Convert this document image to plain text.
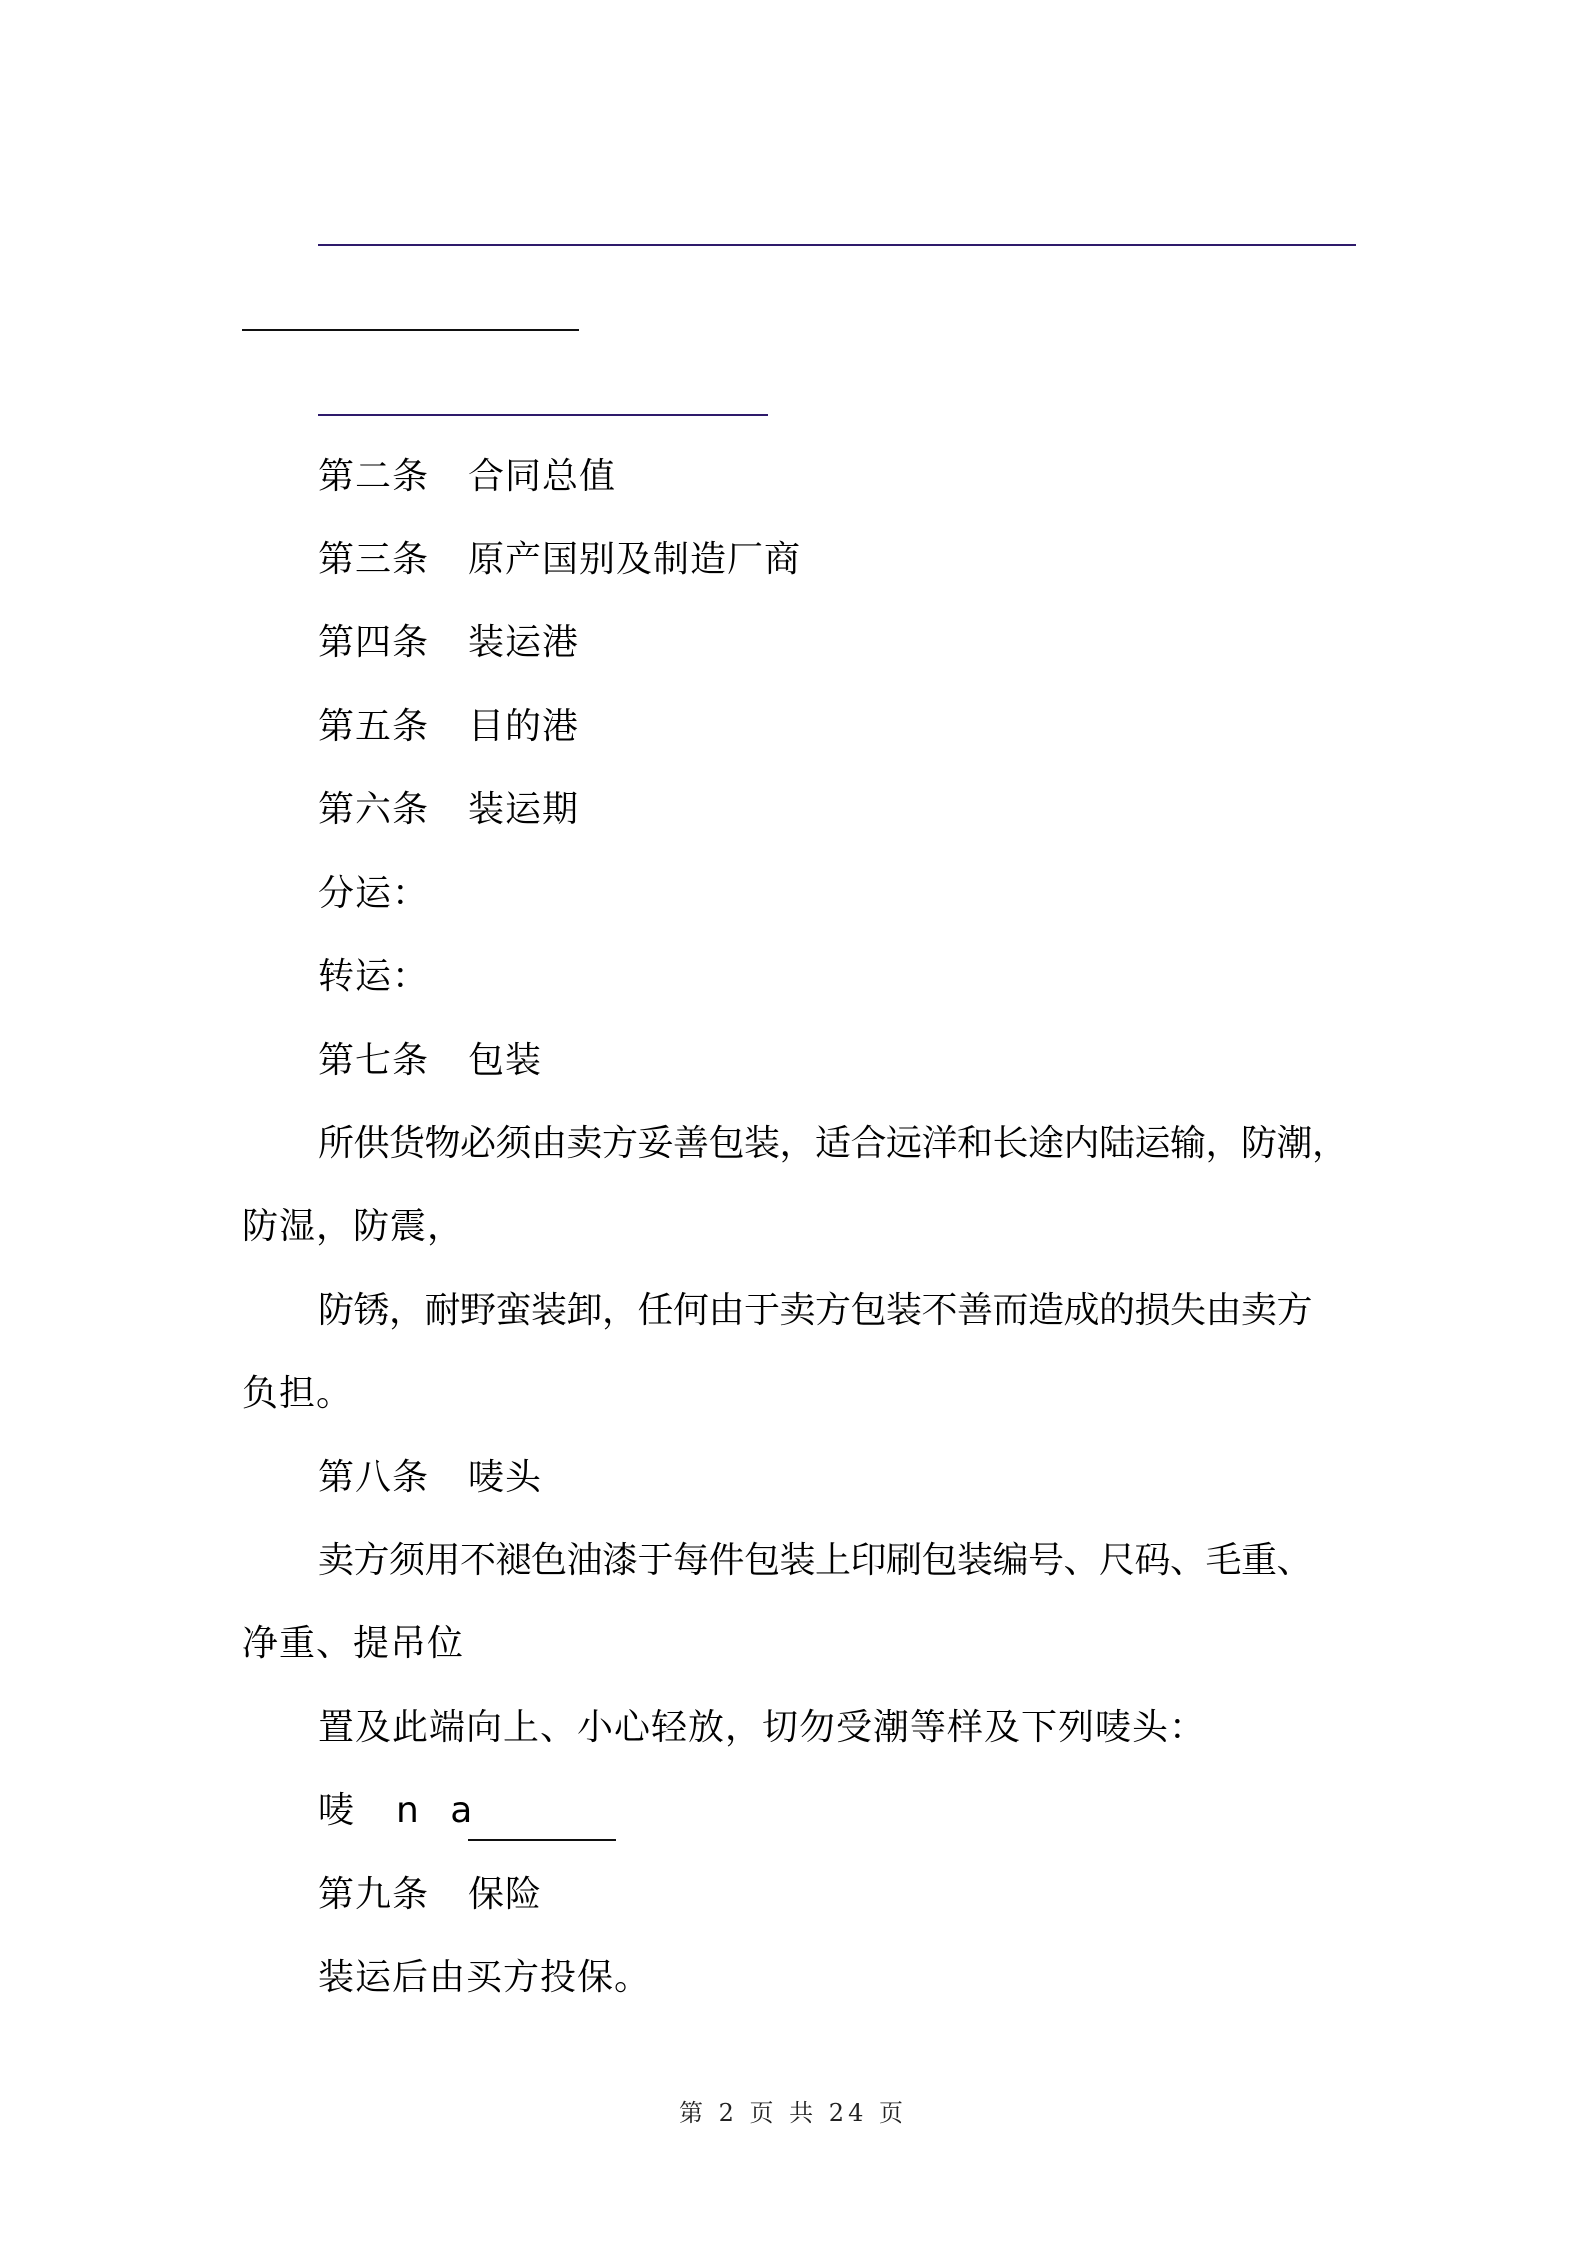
第二条 合同总值
第三条 原产国别及制造厂商
第四条 装运港
第五条 目的港
第六条 装运期
分运：
转运：
第七条 包装
所供货物必须由卖方妥善包装，适合远洋和长途内陆运输，防潮，
防湿，防震，
防锈，耐野蛮装卸，任何由于卖方包装不善而造成的损失由卖方
负担。
第八条 唛头
卖方须用不褪色油漆于每件包装上印刷包装编号、尺码、毛重、
净重、提吊位
置及此端向上、小心轻放，切勿受潮等样及下列唛头：
唛 n a
第九条 保险
装运后由买方投保。
第 2 页 共 24 页
